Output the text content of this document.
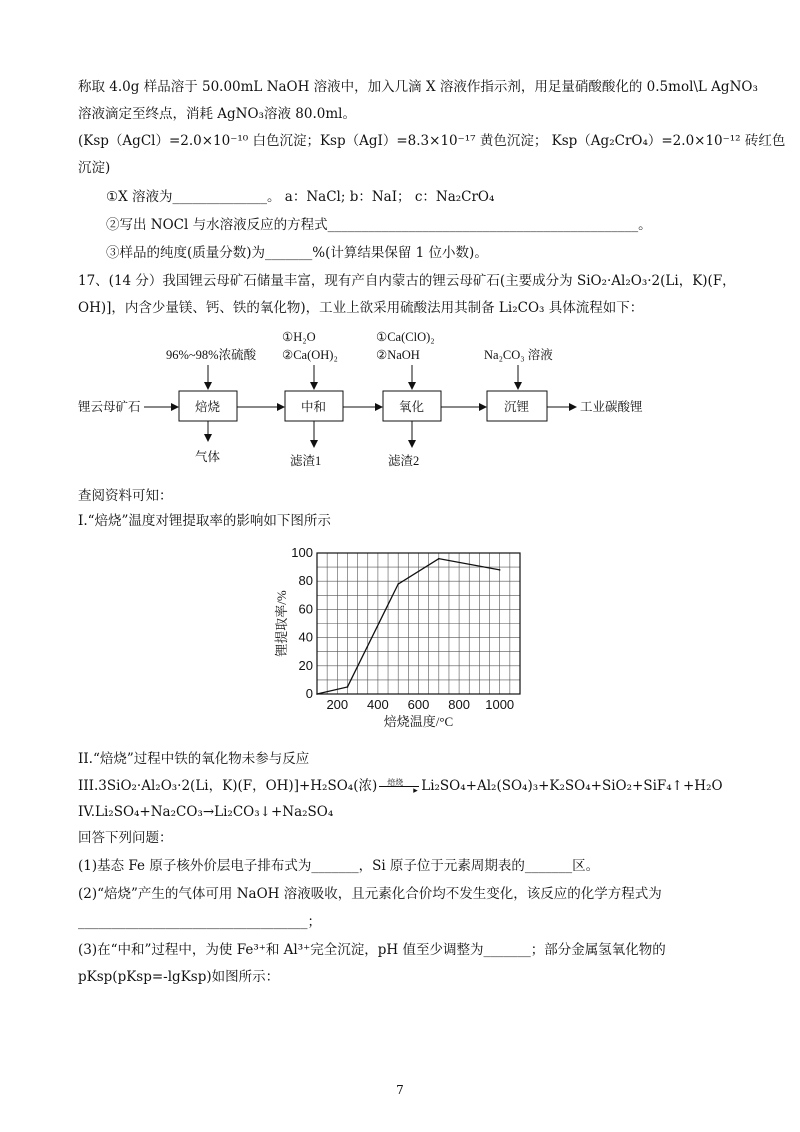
称取 4.0g 样品溶于 50.00mL NaOH 溶液中，加入几滴 X 溶液作指示剂，用足量硝酸酸化的 0.5mol\L AgNO₃
溶液滴定至终点，消耗 AgNO₃溶液 80.0ml。
(Ksp（AgCl）=2.0×10⁻¹⁰ 白色沉淀；Ksp（AgI）=8.3×10⁻¹⁷ 黄色沉淀； Ksp（Ag₂CrO₄）=2.0×10⁻¹² 砖红色
沉淀)
①X 溶液为______________。 a：NaCl; b：NaI； c：Na₂CrO₄
②写出 NOCl 与水溶液反应的方程式______________________________________________。
③样品的纯度(质量分数)为_______%(计算结果保留 1 位小数)。
17、(14 分）我国锂云母矿石储量丰富，现有产自内蒙古的锂云母矿石(主要成分为 SiO₂·Al₂O₃·2(Li，K)(F，
OH)]，内含少量镁、钙、铁的氧化物)，工业上欲采用硫酸法用其制备 Li₂CO₃ 具体流程如下：
锂云母矿石
96%~98%浓硫酸
焙烧
气体
①H₂O
②Ca(OH)₂
中和
滤渣1
①Ca(ClO)₂
②NaOH
氧化
滤渣2
Na₂CO₃ 溶液
沉锂	工业碳酸锂
查阅资料可知：
I.“焙烧”温度对锂提取率的影响如下图所示
0
20
40
60
80
100
200 400 600 800 1000
焙烧温度/°C
锂提取率/%
II.“焙烧”过程中铁的氧化物未参与反应
III.3SiO₂·Al₂O₃·2(Li，K)(F，OH)]+H₂SO₄(浓) 焙烧
▸ Li₂SO₄+Al₂(SO₄)₃+K₂SO₄+SiO₂+SiF₄↑+H₂O
IV.Li₂SO₄+Na₂CO₃→Li₂CO₃↓+Na₂SO₄
回答下列问题：
(1)基态 Fe 原子核外价层电子排布式为_______，Si 原子位于元素周期表的_______区。
(2)“焙烧”产生的气体可用 NaOH 溶液吸收，且元素化合价均不发生变化，该反应的化学方程式为
__________________________________；
(3)在“中和”过程中，为使 Fe³⁺和 Al³⁺完全沉淀，pH 值至少调整为_______；部分金属氢氧化物的
pKsp(pKsp=-lgKsp)如图所示：
7
